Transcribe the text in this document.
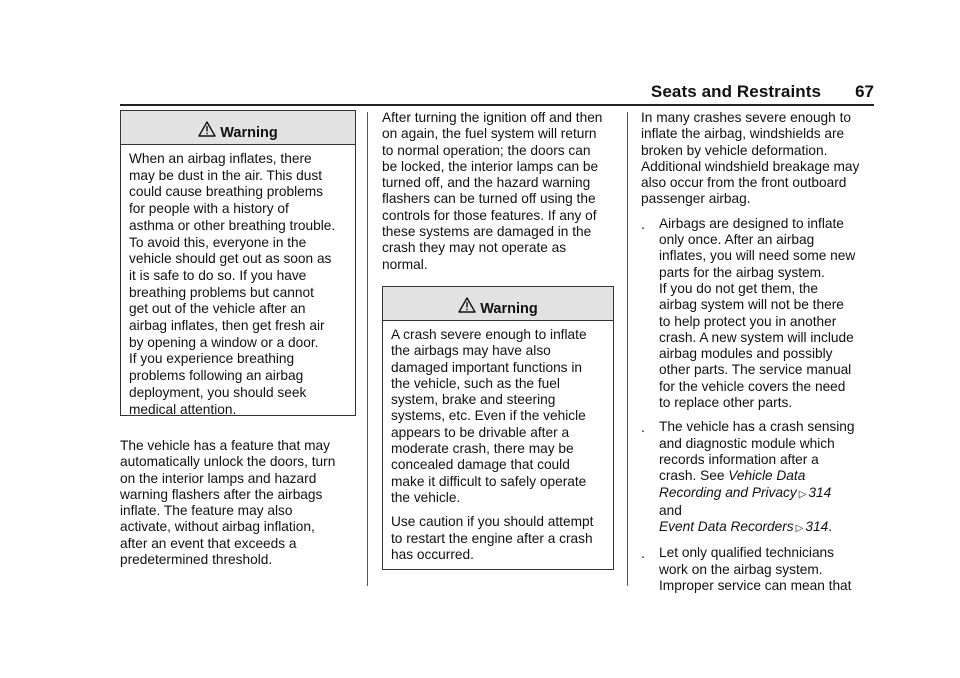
Seats and Restraints 67
Warning
When an airbag inflates, there
may be dust in the air. This dust
could cause breathing problems
for people with a history of
asthma or other breathing trouble.
To avoid this, everyone in the
vehicle should get out as soon as
it is safe to do so. If you have
breathing problems but cannot
get out of the vehicle after an
airbag inflates, then get fresh air
by opening a window or a door.
If you experience breathing
problems following an airbag
deployment, you should seek
medical attention.

The vehicle has a feature that may
automatically unlock the doors, turn
on the interior lamps and hazard
warning flashers after the airbags
inflate. The feature may also
activate, without airbag inflation,
after an event that exceeds a
predetermined threshold.

After turning the ignition off and then
on again, the fuel system will return
to normal operation; the doors can
be locked, the interior lamps can be
turned off, and the hazard warning
flashers can be turned off using the
controls for those features. If any of
these systems are damaged in the
crash they may not operate as
normal.

Warning

A crash severe enough to inflate
the airbags may have also
damaged important functions in
the vehicle, such as the fuel
system, brake and steering
systems, etc. Even if the vehicle
appears to be drivable after a
moderate crash, there may be
concealed damage that could
make it difficult to safely operate
the vehicle.

Use caution if you should attempt
to restart the engine after a crash
has occurred.

In many crashes severe enough to
inflate the airbag, windshields are
broken by vehicle deformation.
Additional windshield breakage may
also occur from the front outboard
passenger airbag.

.	Airbags are designed to inflate
only once. After an airbag
inflates, you will need some new
parts for the airbag system.
If you do not get them, the
airbag system will not be there
to help protect you in another
crash. A new system will include
airbag modules and possibly
other parts. The service manual
for the vehicle covers the need
to replace other parts.
.	The vehicle has a crash sensing
and diagnostic module which
records information after a
crash. See Vehicle Data
Recording and Privacy ▷ 314
and
Event Data Recorders ▷ 314.
.	Let only qualified technicians
work on the airbag system.
Improper service can mean that
